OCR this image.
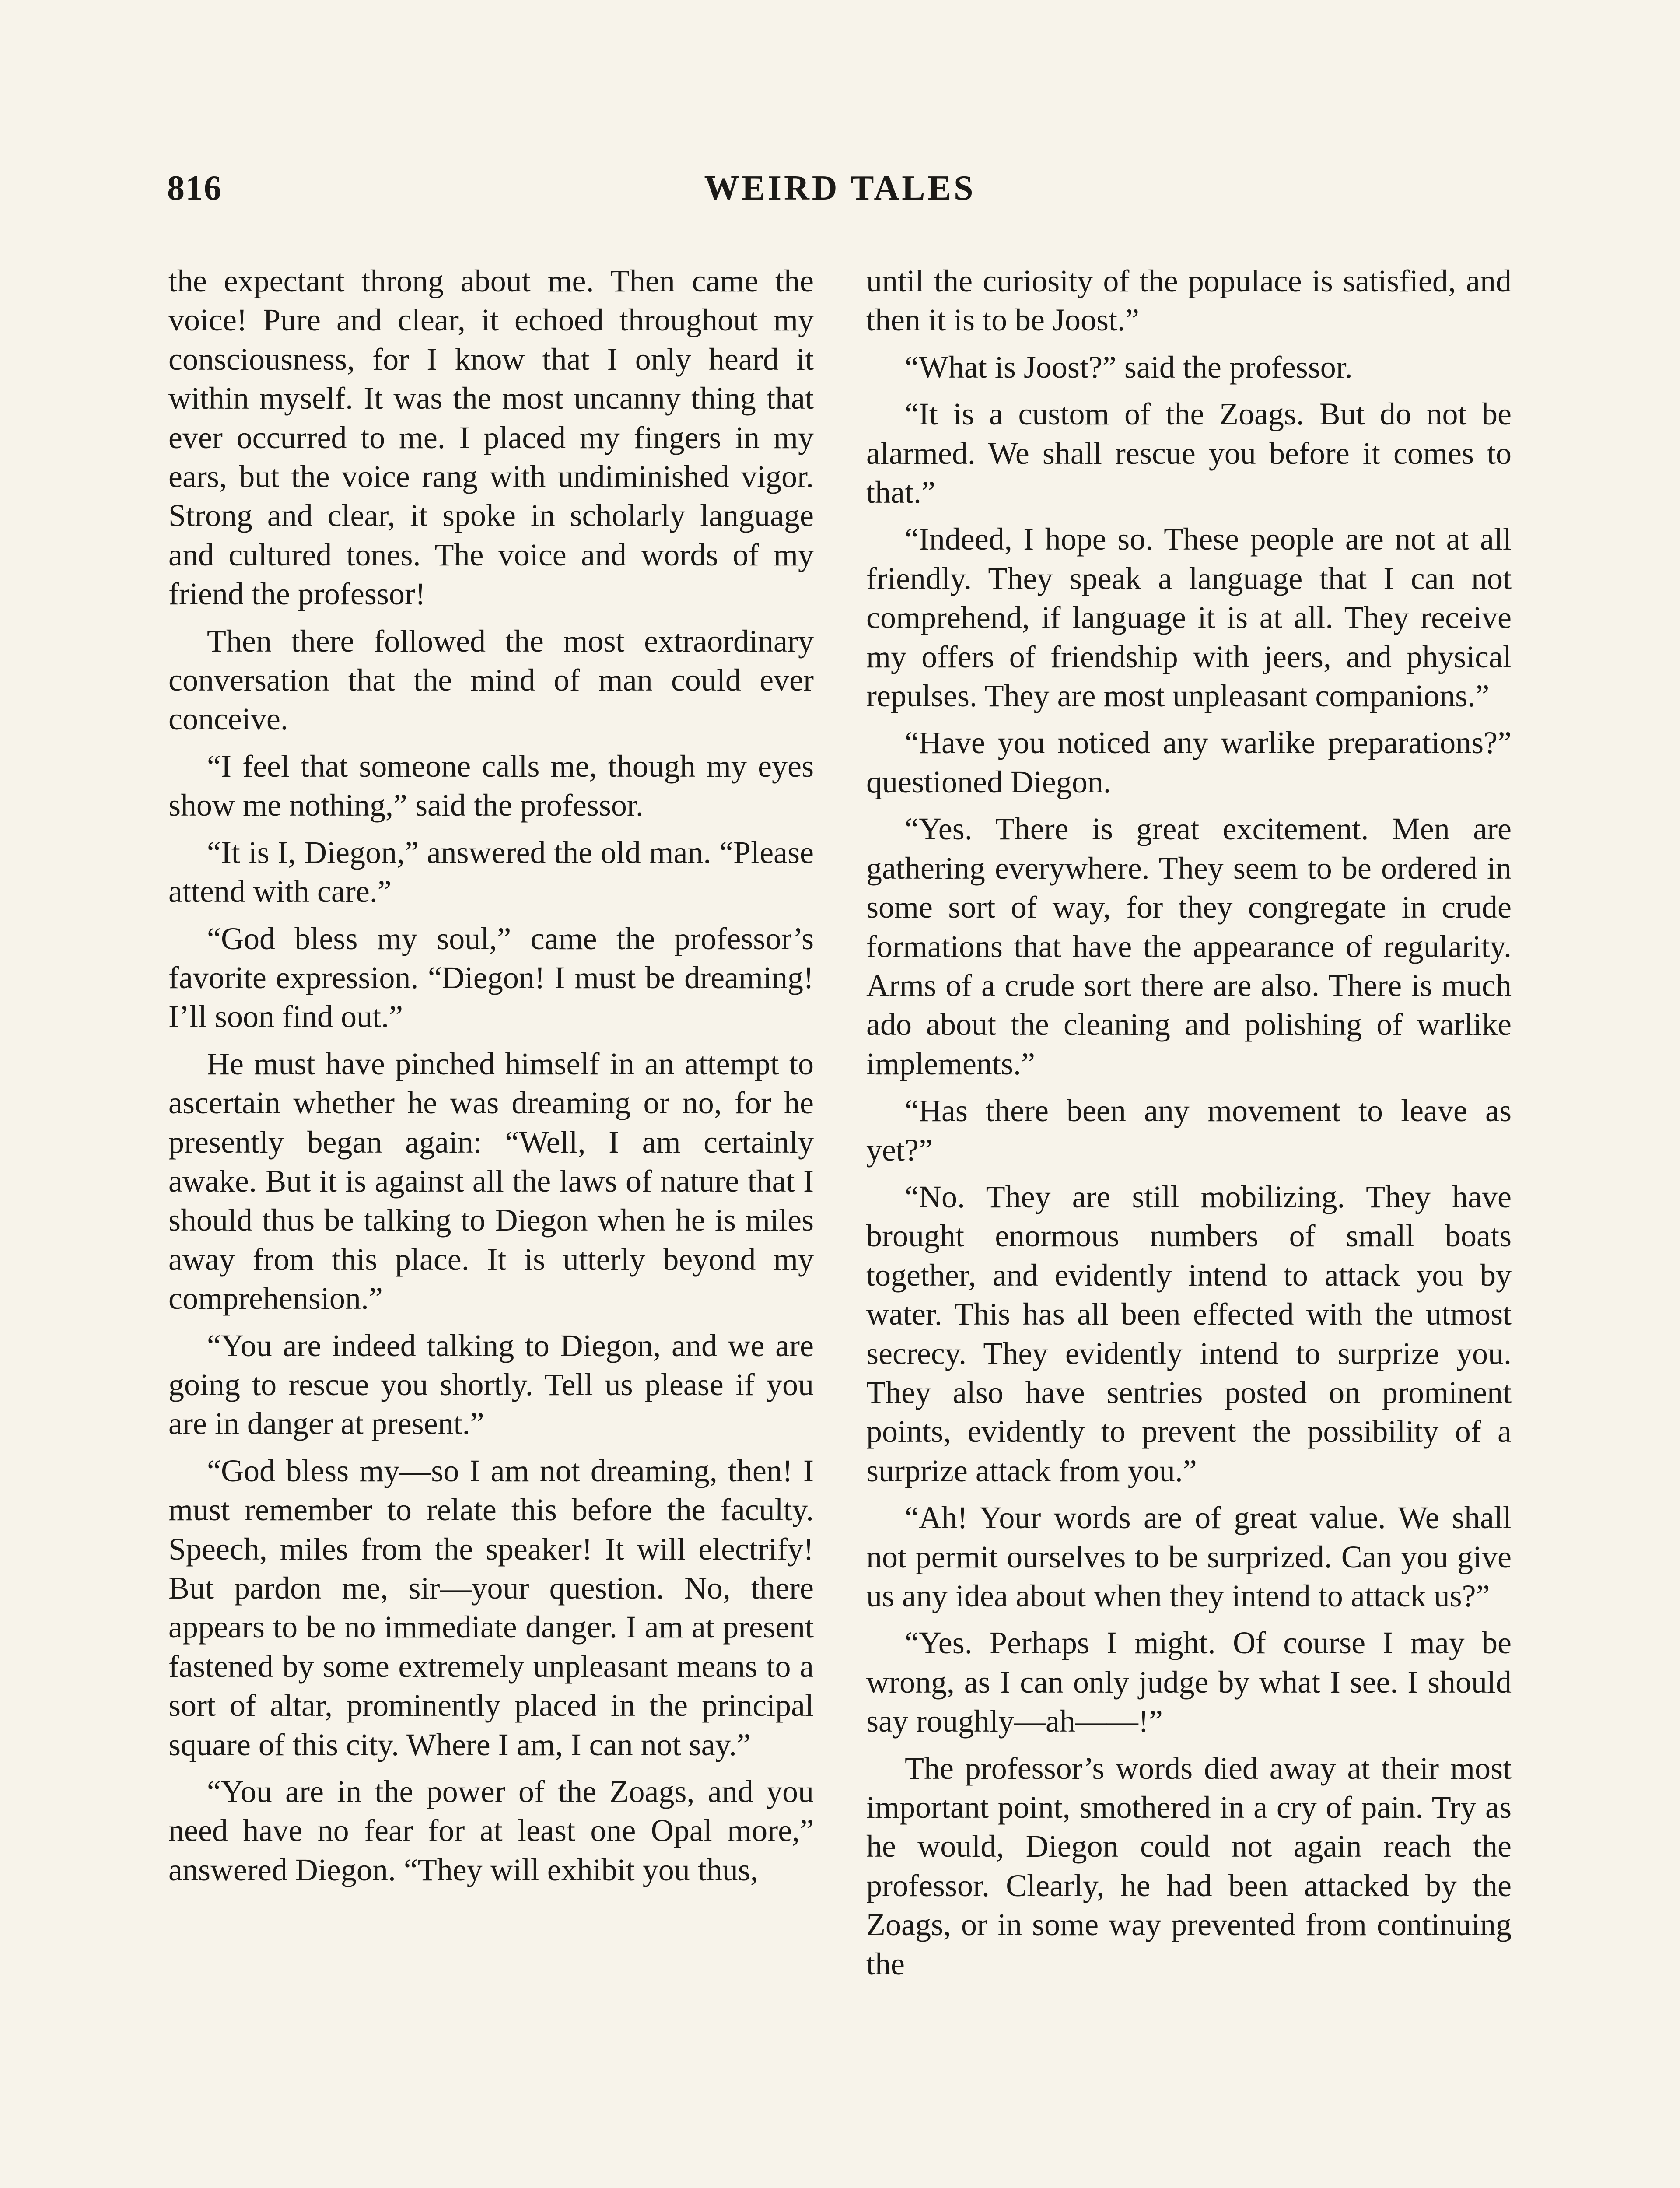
816	WEIRD TALES

the expectant throng about me. Then came the voice! Pure and clear, it echoed throughout my consciousness, for I know that I only heard it within myself. It was the most uncanny thing that ever occurred to me. I placed my fingers in my ears, but the voice rang with undiminished vigor. Strong and clear, it spoke in scholarly language and cultured tones. The voice and words of my friend the professor!

Then there followed the most extraordinary conversation that the mind of man could ever conceive.

“I feel that someone calls me, though my eyes show me nothing,” said the professor.

“It is I, Diegon,” answered the old man. “Please attend with care.”

“God bless my soul,” came the professor’s favorite expression. “Diegon! I must be dreaming! I’ll soon find out.”

He must have pinched himself in an attempt to ascertain whether he was dreaming or no, for he presently began again: “Well, I am certainly awake. But it is against all the laws of nature that I should thus be talking to Diegon when he is miles away from this place. It is utterly beyond my comprehension.”

“You are indeed talking to Diegon, and we are going to rescue you shortly. Tell us please if you are in danger at present.”

“God bless my—so I am not dreaming, then! I must remember to relate this before the faculty. Speech, miles from the speaker! It will electrify! But pardon me, sir—your question. No, there appears to be no immediate danger. I am at present fastened by some extremely unpleasant means to a sort of altar, prominently placed in the principal square of this city. Where I am, I can not say.”

“You are in the power of the Zoags, and you need have no fear for at least one Opal more,” answered Diegon. “They will exhibit you thus,

until the curiosity of the populace is satisfied, and then it is to be Joost.”

“What is Joost?” said the professor.

“It is a custom of the Zoags. But do not be alarmed. We shall rescue you before it comes to that.”

“Indeed, I hope so. These people are not at all friendly. They speak a language that I can not comprehend, if language it is at all. They receive my offers of friendship with jeers, and physical repulses. They are most unpleasant companions.”

“Have you noticed any warlike preparations?” questioned Diegon.

“Yes. There is great excitement. Men are gathering everywhere. They seem to be ordered in some sort of way, for they congregate in crude formations that have the appearance of regularity. Arms of a crude sort there are also. There is much ado about the cleaning and polishing of warlike implements.”

“Has there been any movement to leave as yet?”

“No. They are still mobilizing. They have brought enormous numbers of small boats together, and evidently intend to attack you by water. This has all been effected with the utmost secrecy. They evidently intend to surprize you. They also have sentries posted on prominent points, evidently to prevent the possibility of a surprize attack from you.”

“Ah! Your words are of great value. We shall not permit ourselves to be surprized. Can you give us any idea about when they intend to attack us?”

“Yes. Perhaps I might. Of course I may be wrong, as I can only judge by what I see. I should say roughly—ah——!”

The professor’s words died away at their most important point, smothered in a cry of pain. Try as he would, Diegon could not again reach the professor. Clearly, he had been attacked by the Zoags, or in some way prevented from continuing the
